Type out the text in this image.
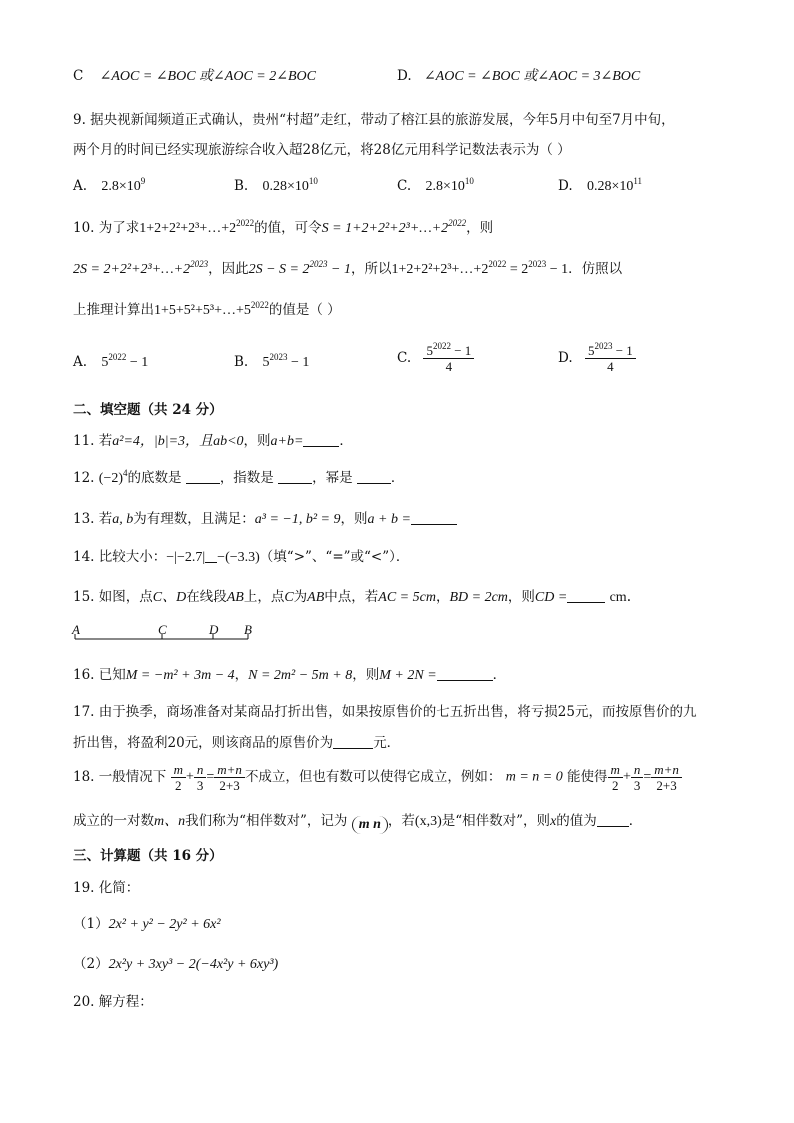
C ∠AOC = ∠BOC 或∠AOC = 2∠BOC	D. ∠AOC = ∠BOC 或∠AOC = 3∠BOC
9. 据央视新闻频道正式确认，贵州“村超”走红，带动了榕江县的旅游发展，今年5月中旬至7月中旬，
两个月的时间已经实现旅游综合收入超28亿元，将28亿元用科学记数法表示为（ ）
A. $2.8\times 10^9$	B. $0.28\times 10^{10}$	C. $2.8\times 10^{10}$	D. $0.28\times 10^{11}$
10. 为了求$1+2+2^2+2^3+\dots+2^{2022}$的值，可令$S = 1+2+2^2+2^3+\dots+2^{2022}$，则
$2S = 2+2^2+2^3+\dots+2^{2023}$，因此$2S - S = 2^{2023} - 1$，所以$1+2+2^2+2^3+\dots+2^{2022} = 2^{2023} - 1$．仿照以
上推理计算出$1+5+5^2+5^3+\dots+5^{2022}$的值是（ ）
A. $5^{2022} - 1$	B. $5^{2023} - 1$	C. $\frac{5^{2022} - 1}{4}$	D. $\frac{5^{2023} - 1}{4}$
二、填空题（共 24 分）
11. 若a²=4，|b|=3，且ab<0，则a+b=	．
12. $(-2)^4$的底数是	，指数是	，幂是	．
13. 若a, b为有理数，且满足：a³ = −1, b² = 9，则a + b =
14. 比较大小：−|−2.7| −(−3.3)（填“>”、“=”或“<”）．
15. 如图，点C、D在线段AB上，点C为AB中点，若AC = 5cm，BD = 2cm，则CD =	cm．
A	C	D B
16. 已知M = −m² + 3m − 4，N = 2m² − 5m + 8，则M + 2N =	．
17. 由于换季，商场准备对某商品打折出售，如果按原售价的七五折出售，将亏损25元，而按原售价的九
折出售，将盈利20元，则该商品的原售价为	元．
18. 一般情况下 $\frac{m}{2} + \frac{n}{3} = \frac{m+n}{2+3}$ 不成立，但也有数可以使得它成立，例如： m = n = 0 能使得 $\frac{m}{2} + \frac{n}{3} = \frac{m+n}{2+3}$
成立的一对数m、n我们称为“相伴数对”，记为 m n ，若(x,3)是“相伴数对”，则x的值为 ．
三、计算题（共 16 分）
19. 化简：
（1）2x² + y² − 2y² + 6x²
（2）2x²y + 3xy³ − 2(−4x²y + 6xy³)
20. 解方程：
